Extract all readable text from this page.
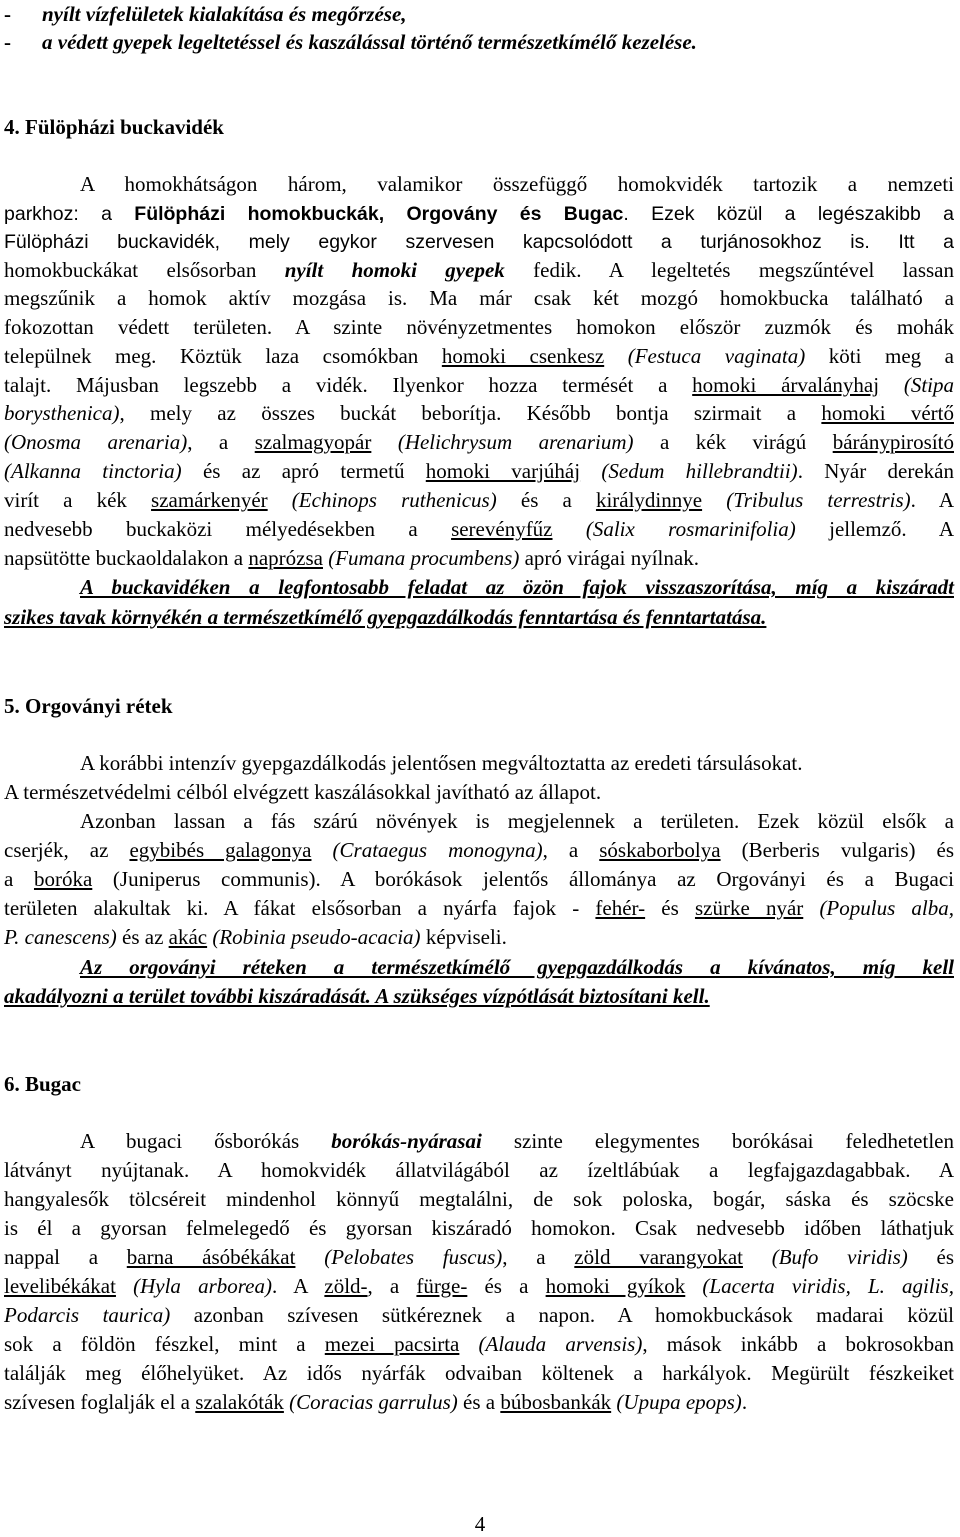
- nyílt vízfelületek kialakítása és megőrzése,
- a védett gyepek legeltetéssel és kaszálással történő természetkímélő kezelése.
4. Fülöpházi buckavidék
A homokhátságon három, valamikor összefüggő homokvidék tartozik a nemzeti
parkhoz: a Fülöpházi homokbuckák, Orgovány és Bugac. Ezek közül a legészakibb a
Fülöpházi buckavidék, mely egykor szervesen kapcsolódott a turjánosokhoz is. Itt a
homokbuckákat elsősorban nyílt homoki gyepek fedik. A legeltetés megszűntével lassan
megszűnik a homok aktív mozgása is. Ma már csak két mozgó homokbucka található a
fokozottan védett területen. A szinte növényzetmentes homokon először zuzmók és mohák
települnek meg. Köztük laza csomókban homoki csenkesz (Festuca vaginata) köti meg a
talajt. Májusban legszebb a vidék. Ilyenkor hozza termését a homoki árvalányhaj (Stipa
borysthenica), mely az összes buckát beborítja. Később bontja szirmait a homoki vértő
(Onosma arenaria), a szalmagyopár (Helichrysum arenarium) a kék virágú báránypirosító
(Alkanna tinctoria) és az apró termetű homoki varjúháj (Sedum hillebrandtii). Nyár derekán
virít a kék szamárkenyér (Echinops ruthenicus) és a királydinnye (Tribulus terrestris). A
nedvesebb buckaközi mélyedésekben a serevényfűz (Salix rosmarinifolia) jellemző. A
napsütötte buckaoldalakon a naprózsa (Fumana procumbens) apró virágai nyílnak.
A buckavidéken a legfontosabb feladat az özön fajok visszaszorítása, míg a kiszáradt
szikes tavak környékén a természetkímélő gyepgazdálkodás fenntartása és fenntartatása.
5. Orgoványi rétek
A korábbi intenzív gyepgazdálkodás jelentősen megváltoztatta az eredeti társulásokat.
A természetvédelmi célból elvégzett kaszálásokkal javítható az állapot.
Azonban lassan a fás szárú növények is megjelennek a területen. Ezek közül elsők a
cserjék, az egybibés galagonya (Crataegus monogyna), a sóskaborbolya (Berberis vulgaris) és
a boróka (Juniperus communis). A borókások jelentős állománya az Orgoványi és a Bugaci
területen alakultak ki. A fákat elsősorban a nyárfa fajok - fehér- és szürke nyár (Populus alba,
P. canescens) és az akác (Robinia pseudo-acacia) képviseli.
Az orgoványi réteken a természetkímélő gyepgazdálkodás a kívánatos, míg kell
akadályozni a terület további kiszáradását. A szükséges vízpótlását biztosítani kell.
6. Bugac
A bugaci ősborókás borókás-nyárasai szinte elegymentes borókásai feledhetetlen
látványt nyújtanak. A homokvidék állatvilágából az ízeltlábúak a legfajgazdagabbak. A
hangyalesők tölcséreit mindenhol könnyű megtalálni, de sok poloska, bogár, sáska és szöcske
is él a gyorsan felmelegedő és gyorsan kiszáradó homokon. Csak nedvesebb időben láthatjuk
nappal a barna ásóbékákat (Pelobates fuscus), a zöld varangyokat (Bufo viridis) és
levelibékákat (Hyla arborea). A zöld-, a fürge- és a homoki gyíkok (Lacerta viridis, L. agilis,
Podarcis taurica) azonban szívesen sütkéreznek a napon. A homokbuckások madarai közül
sok a földön fészkel, mint a mezei pacsirta (Alauda arvensis), mások inkább a bokrosokban
találják meg élőhelyüket. Az idős nyárfák odvaiban költenek a harkályok. Megürült fészkeiket
szívesen foglalják el a szalakóták (Coracias garrulus) és a búbosbankák (Upupa epops).
4
